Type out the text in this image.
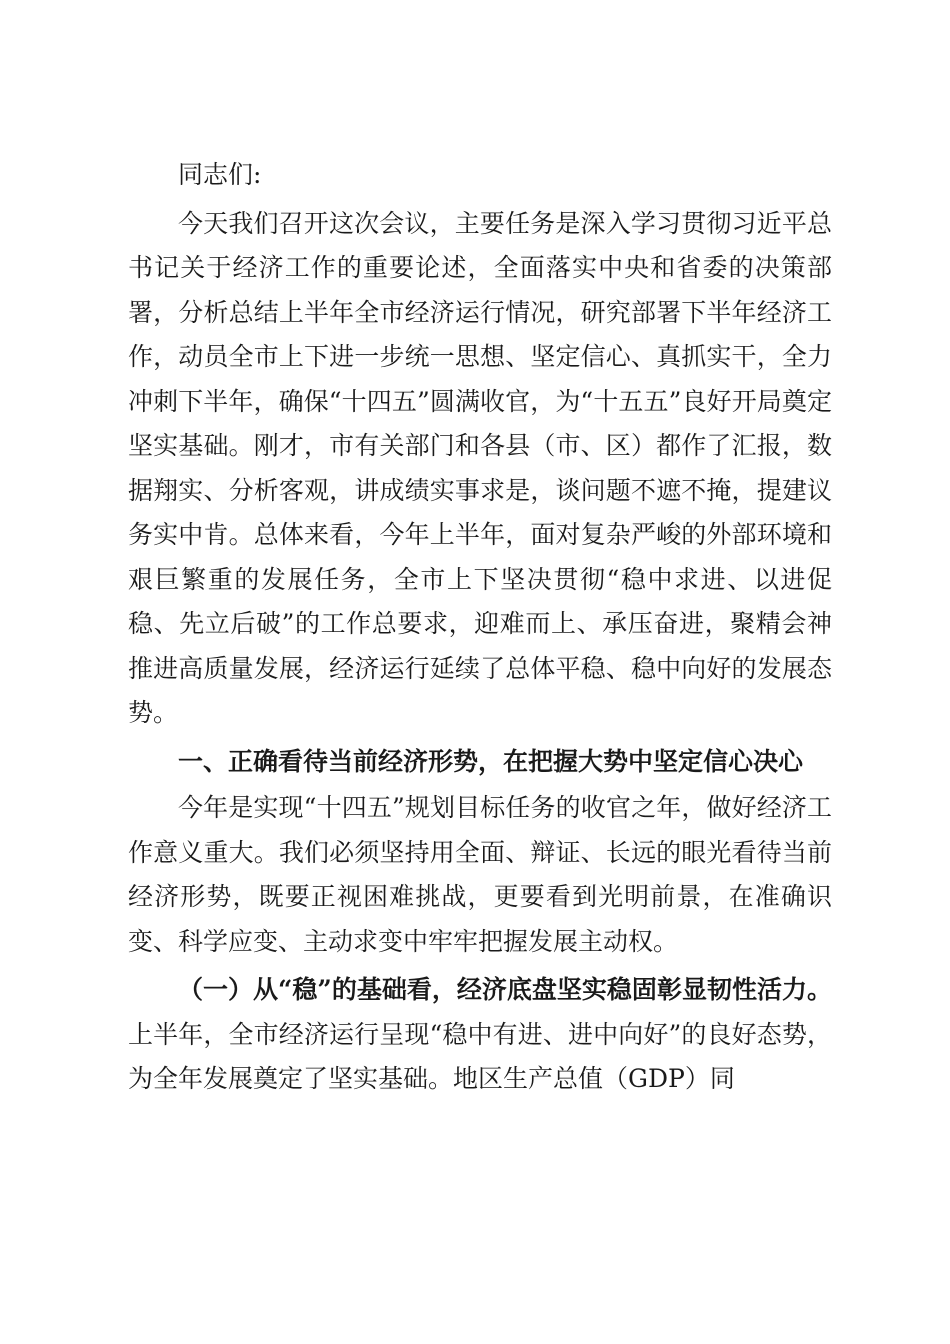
同志们:

今天我们召开这次会议，主要任务是深入学习贯彻习近平总书记关于经济工作的重要论述，全面落实中央和省委的决策部署，分析总结上半年全市经济运行情况，研究部署下半年经济工作，动员全市上下进一步统一思想、坚定信心、真抓实干，全力冲刺下半年，确保“十四五”圆满收官，为“十五五”良好开局奠定坚实基础。刚才，市有关部门和各县（市、区）都作了汇报，数据翔实、分析客观，讲成绩实事求是，谈问题不遮不掩，提建议务实中肯。总体来看，今年上半年，面对复杂严峻的外部环境和艰巨繁重的发展任务，全市上下坚决贯彻“稳中求进、以进促稳、先立后破”的工作总要求，迎难而上、承压奋进，聚精会神推进高质量发展，经济运行延续了总体平稳、稳中向好的发展态势。

一、正确看待当前经济形势，在把握大势中坚定信心决心

今年是实现“十四五”规划目标任务的收官之年，做好经济工作意义重大。我们必须坚持用全面、辩证、长远的眼光看待当前经济形势，既要正视困难挑战，更要看到光明前景，在准确识变、科学应变、主动求变中牢牢把握发展主动权。

（一）从“稳”的基础看，经济底盘坚实稳固彰显韧性活力。上半年，全市经济运行呈现“稳中有进、进中向好”的良好态势，为全年发展奠定了坚实基础。地区生产总值（GDP）同
